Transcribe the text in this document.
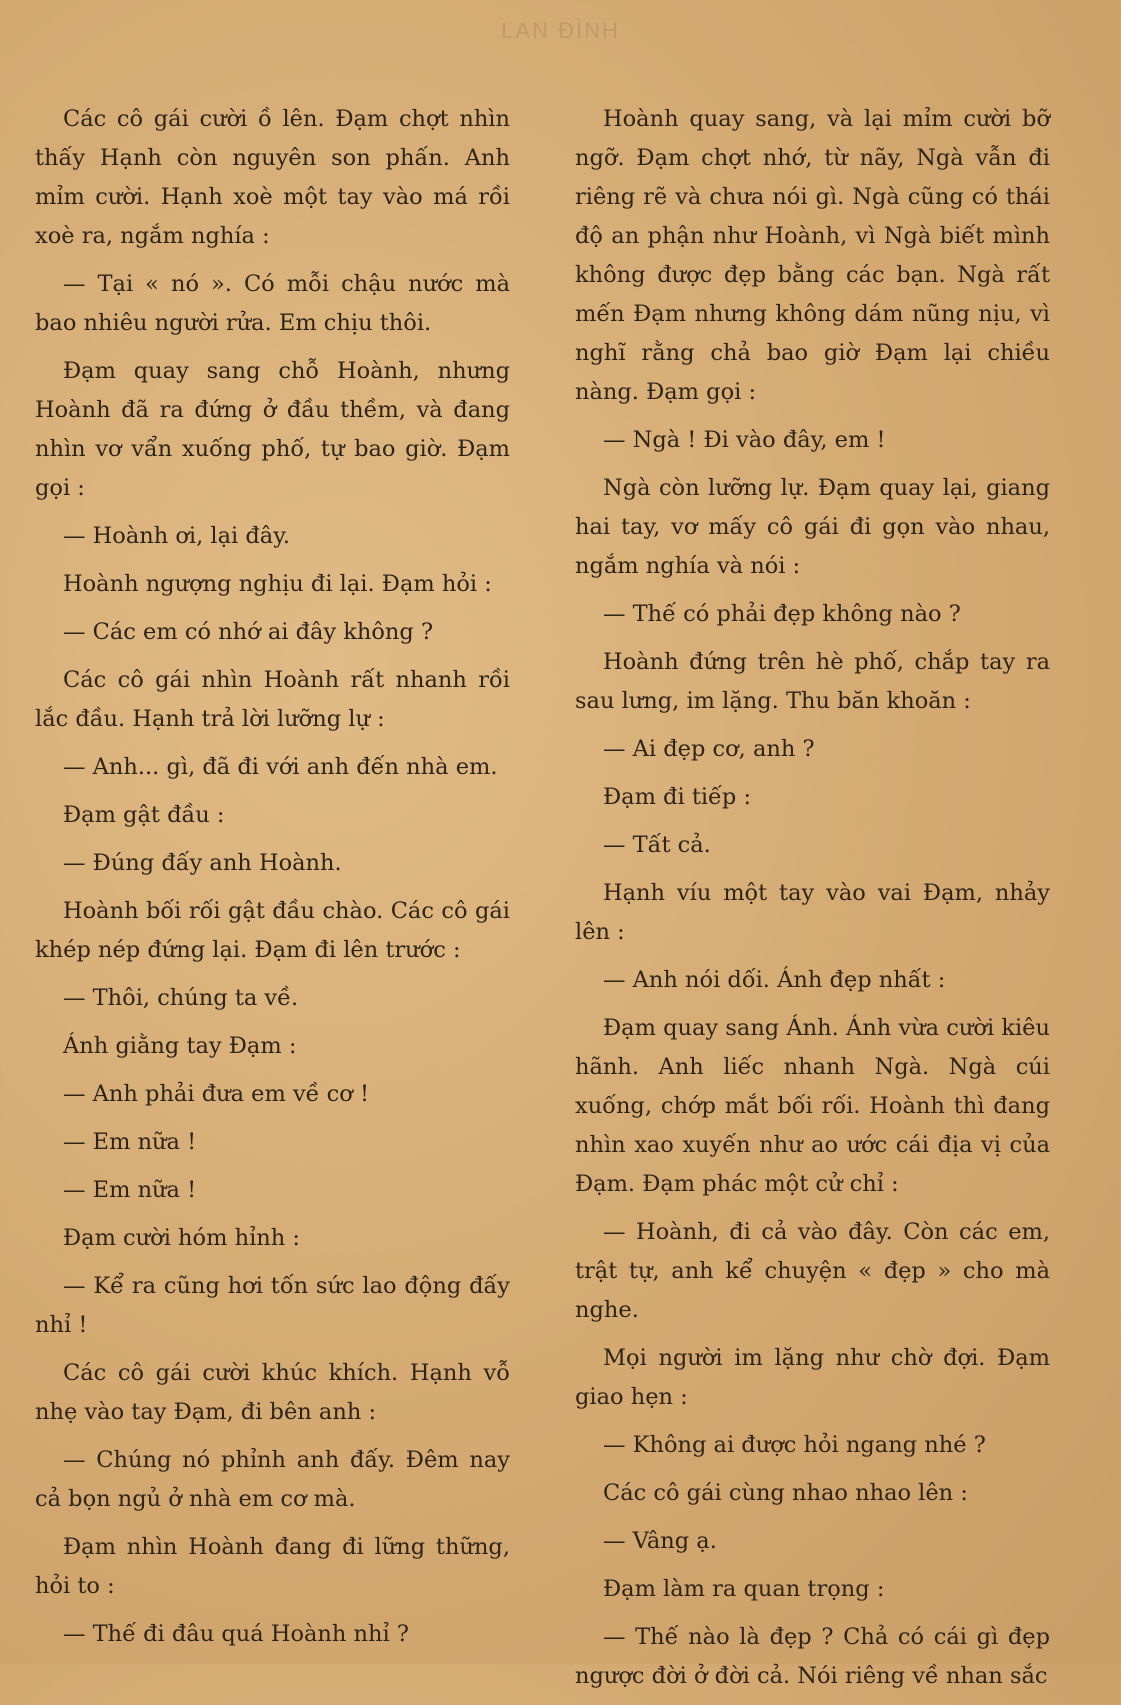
LAN ĐÌNH

Các cô gái cười ồ lên. Đạm chợt nhìn thấy Hạnh còn nguyên son phấn. Anh mỉm cười. Hạnh xoè một tay vào má rồi xoè ra, ngắm nghía :

— Tại « nó ». Có mỗi chậu nước mà bao nhiêu người rửa. Em chịu thôi.

Đạm quay sang chỗ Hoành, nhưng Hoành đã ra đứng ở đầu thềm, và đang nhìn vơ vẩn xuống phố, tự bao giờ. Đạm gọi :

— Hoành ơi, lại đây.

Hoành ngượng nghịu đi lại. Đạm hỏi :

— Các em có nhớ ai đây không ?

Các cô gái nhìn Hoành rất nhanh rồi lắc đầu. Hạnh trả lời lưỡng lự :

— Anh... gì, đã đi với anh đến nhà em.

Đạm gật đầu :

— Đúng đấy anh Hoành.

Hoành bối rối gật đầu chào. Các cô gái khép nép đứng lại. Đạm đi lên trước :

— Thôi, chúng ta về.

Ánh giằng tay Đạm :

— Anh phải đưa em về cơ !

— Em nữa !

— Em nữa !

Đạm cười hóm hỉnh :

— Kể ra cũng hơi tốn sức lao động đấy nhỉ !

Các cô gái cười khúc khích. Hạnh vỗ nhẹ vào tay Đạm, đi bên anh :

— Chúng nó phỉnh anh đấy. Đêm nay cả bọn ngủ ở nhà em cơ mà.

Đạm nhìn Hoành đang đi lững thững, hỏi to :

— Thế đi đâu quá Hoành nhỉ ?

Hoành quay sang, và lại mỉm cười bỡ ngỡ. Đạm chợt nhớ, từ nãy, Ngà vẫn đi riêng rẽ và chưa nói gì. Ngà cũng có thái độ an phận như Hoành, vì Ngà biết mình không được đẹp bằng các bạn. Ngà rất mến Đạm nhưng không dám nũng nịu, vì nghĩ rằng chả bao giờ Đạm lại chiều nàng. Đạm gọi :

— Ngà ! Đi vào đây, em !

Ngà còn lưỡng lự. Đạm quay lại, giang hai tay, vơ mấy cô gái đi gọn vào nhau, ngắm nghía và nói :

— Thế có phải đẹp không nào ?

Hoành đứng trên hè phố, chắp tay ra sau lưng, im lặng. Thu băn khoăn :

— Ai đẹp cơ, anh ?

Đạm đi tiếp :

— Tất cả.

Hạnh víu một tay vào vai Đạm, nhảy lên :

— Anh nói dối. Ánh đẹp nhất :

Đạm quay sang Ánh. Ánh vừa cười kiêu hãnh. Anh liếc nhanh Ngà. Ngà cúi xuống, chớp mắt bối rối. Hoành thì đang nhìn xao xuyến như ao ước cái địa vị của Đạm. Đạm phác một cử chỉ :

— Hoành, đi cả vào đây. Còn các em, trật tự, anh kể chuyện « đẹp » cho mà nghe.

Mọi người im lặng như chờ đợi. Đạm giao hẹn :

— Không ai được hỏi ngang nhé ?

Các cô gái cùng nhao nhao lên :

— Vâng ạ.

Đạm làm ra quan trọng :

— Thế nào là đẹp ? Chả có cái gì đẹp ngược đời ở đời cả. Nói riêng về nhan sắc
